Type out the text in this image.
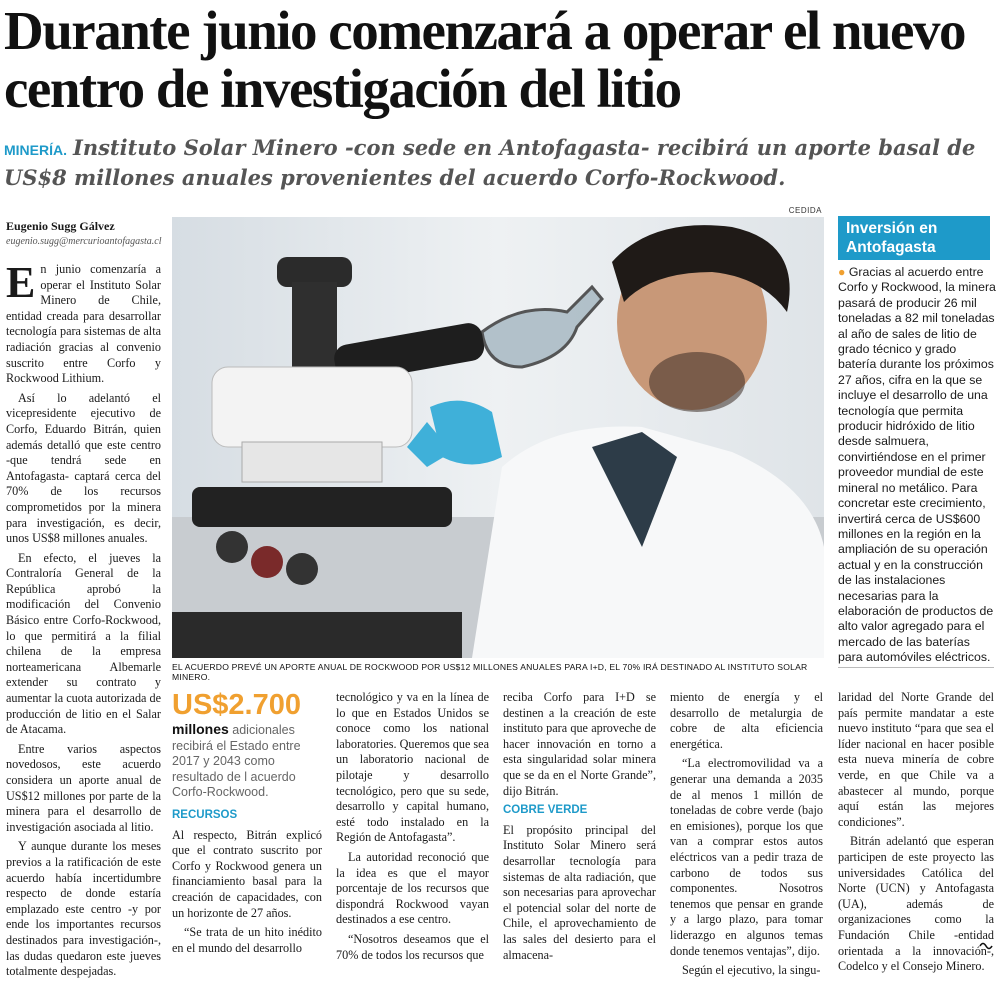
Durante junio comenzará a operar el nuevo centro de investigación del litio

MINERÍA. Instituto Solar Minero -con sede en Antofagasta- recibirá un aporte basal de US$8 millones anuales provenientes del acuerdo Corfo-Rockwood.

Eugenio Sugg Gálvez
eugenio.sugg@mercurioantofagasta.cl

En junio comenzaría a operar el Instituto Solar Minero de Chile, entidad creada para desarrollar tecnología para sistemas de alta radiación gracias al convenio suscrito entre Corfo y Rockwood Lithium.

Así lo adelantó el vicepresidente ejecutivo de Corfo, Eduardo Bitrán, quien además detalló que este centro -que tendrá sede en Antofagasta- captará cerca del 70% de los recursos comprometidos por la minera para investigación, es decir, unos US$8 millones anuales.

En efecto, el jueves la Contraloría General de la República aprobó la modificación del Convenio Básico entre Corfo-Rockwood, lo que permitirá a la filial chilena de la empresa norteamericana Albemarle extender su contrato y aumentar la cuota autorizada de producción de litio en el Salar de Atacama.

Entre varios aspectos novedosos, este acuerdo considera un aporte anual de US$12 millones por parte de la minera para el desarrollo de investigación asociada al litio.

Y aunque durante los meses previos a la ratificación de este acuerdo había incertidumbre respecto de donde estaría emplazado este centro -y por ende los importantes recursos destinados para investigación-, las dudas quedaron este jueves totalmente despejadas.

CEDIDA
EL ACUERDO PREVÉ UN APORTE ANUAL DE ROCKWOOD POR US$12 MILLONES ANUALES PARA I+D, EL 70% IRÁ DESTINADO AL INSTITUTO SOLAR MINERO.
Inversión en Antofagasta
● Gracias al acuerdo entre Corfo y Rockwood, la minera pasará de producir 26 mil toneladas a 82 mil toneladas al año de sales de litio de grado técnico y grado batería durante los próximos 27 años, cifra en la que se incluye el desarrollo de una tecnología que permita producir hidróxido de litio desde salmuera, convirtiéndose en el primer proveedor mundial de este mineral no metálico. Para concretar este crecimiento, invertirá cerca de US$600 millones en la región en la ampliación de su operación actual y en la construcción de las instalaciones necesarias para la elaboración de productos de alto valor agregado para el mercado de las baterías para automóviles eléctricos.
US$2.700
millones adicionales recibirá el Estado entre 2017 y 2043 como resultado de l acuerdo Corfo-Rockwood.

RECURSOS

Al respecto, Bitrán explicó que el contrato suscrito por Corfo y Rockwood genera un financiamiento basal para la creación de capacidades, con un horizonte de 27 años.

“Se trata de un hito inédito en el mundo del desarrollo

tecnológico y va en la línea de lo que en Estados Unidos se conoce como los national laboratories. Queremos que sea un laboratorio nacional de pilotaje y desarrollo tecnológico, pero que su sede, desarrollo y capital humano, esté todo instalado en la Región de Antofagasta”.

La autoridad reconoció que la idea es que el mayor porcentaje de los recursos que dispondrá Rockwood vayan destinados a ese centro.

“Nosotros deseamos que el 70% de todos los recursos que

reciba Corfo para I+D se destinen a la creación de este instituto para que aproveche de hacer innovación en torno a esta singularidad solar minera que se da en el Norte Grande”, dijo Bitrán.

COBRE VERDE

El propósito principal del Instituto Solar Minero será desarrollar tecnología para sistemas de alta radiación, que son necesarias para aprovechar el potencial solar del norte de Chile, el aprovechamiento de las sales del desierto para el almacena-

miento de energía y el desarrollo de metalurgia de cobre de alta eficiencia energética.

“La electromovilidad va a generar una demanda a 2035 de al menos 1 millón de toneladas de cobre verde (bajo en emisiones), porque los que van a comprar estos autos eléctricos van a pedir traza de carbono de todos sus componentes. Nosotros tenemos que pensar en grande y a largo plazo, para tomar liderazgo en algunos temas donde tenemos ventajas”, dijo.

Según el ejecutivo, la singu-

laridad del Norte Grande del país permite mandatar a este nuevo instituto “para que sea el líder nacional en hacer posible esta nueva minería de cobre verde, en que Chile va a abastecer al mundo, porque aquí están las mejores condiciones”.

Bitrán adelantó que esperan participen de este proyecto las universidades Católica del Norte (UCN) y Antofagasta (UA), además de organizaciones como la Fundación Chile -entidad orientada a la innovación-, Codelco y el Consejo Minero.
